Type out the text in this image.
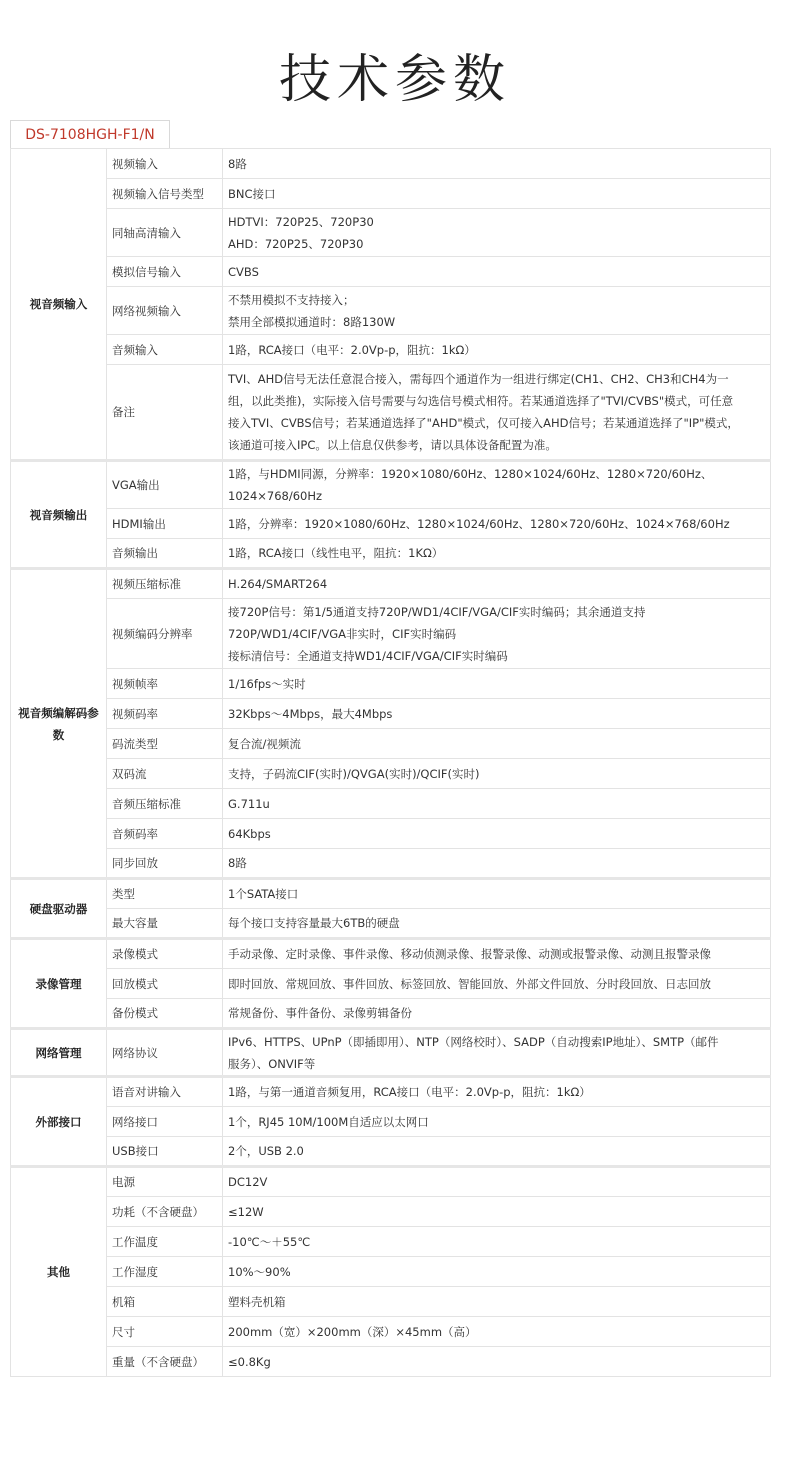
技术参数
DS-7108HGH-F1/N
视音频输入	视频输入	8路

	视频输入信号类型	BNC接口

	同轴高清输入	HDTVI：720P25、720P30
AHD：720P25、720P30

	模拟信号输入	CVBS

	网络视频输入	不禁用模拟不支持接入；
禁用全部模拟通道时：8路130W

	音频输入	1路，RCA接口（电平：2.0Vp-p，阻抗：1kΩ）

	备注	TVI、AHD信号无法任意混合接入，需每四个通道作为一组进行绑定(CH1、CH2、CH3和CH4为一
组，以此类推)，实际接入信号需要与勾选信号模式相符。若某通道选择了"TVI/CVBS"模式，可任意
接入TVI、CVBS信号；若某通道选择了"AHD"模式，仅可接入AHD信号；若某通道选择了"IP"模式，
该通道可接入IPC。以上信息仅供参考，请以具体设备配置为准。

视音频输出	VGA输出	1路，与HDMI同源，分辨率：1920×1080/60Hz、1280×1024/60Hz、1280×720/60Hz、
1024×768/60Hz

	HDMI输出	1路，分辨率：1920×1080/60Hz、1280×1024/60Hz、1280×720/60Hz、1024×768/60Hz

	音频输出	1路，RCA接口（线性电平，阻抗：1KΩ）

视音频编解码参数	视频压缩标准	H.264/SMART264

	视频编码分辨率	接720P信号：第1/5通道支持720P/WD1/4CIF/VGA/CIF实时编码；其余通道支持
720P/WD1/4CIF/VGA非实时，CIF实时编码
接标清信号：全通道支持WD1/4CIF/VGA/CIF实时编码

	视频帧率	1/16fps～实时

	视频码率	32Kbps～4Mbps，最大4Mbps

	码流类型	复合流/视频流

	双码流	支持，子码流CIF(实时)/QVGA(实时)/QCIF(实时)

	音频压缩标准	G.711u

	音频码率	64Kbps

	同步回放	8路

硬盘驱动器	类型	1个SATA接口

	最大容量	每个接口支持容量最大6TB的硬盘

录像管理	录像模式	手动录像、定时录像、事件录像、移动侦测录像、报警录像、动测或报警录像、动测且报警录像

	回放模式	即时回放、常规回放、事件回放、标签回放、智能回放、外部文件回放、分时段回放、日志回放

	备份模式	常规备份、事件备份、录像剪辑备份

网络管理	网络协议	IPv6、HTTPS、UPnP（即插即用）、NTP（网络校时）、SADP（自动搜索IP地址）、SMTP（邮件
服务）、ONVIF等

外部接口	语音对讲输入	1路，与第一通道音频复用，RCA接口（电平：2.0Vp-p，阻抗：1kΩ）

	网络接口	1个，RJ45 10M/100M自适应以太网口

	USB接口	2个，USB 2.0

其他	电源	DC12V

	功耗（不含硬盘）	≤12W

	工作温度	-10℃～＋55℃

	工作湿度	10%～90%

	机箱	塑料壳机箱

	尺寸	200mm（宽）×200mm（深）×45mm（高）

	重量（不含硬盘）	≤0.8Kg
